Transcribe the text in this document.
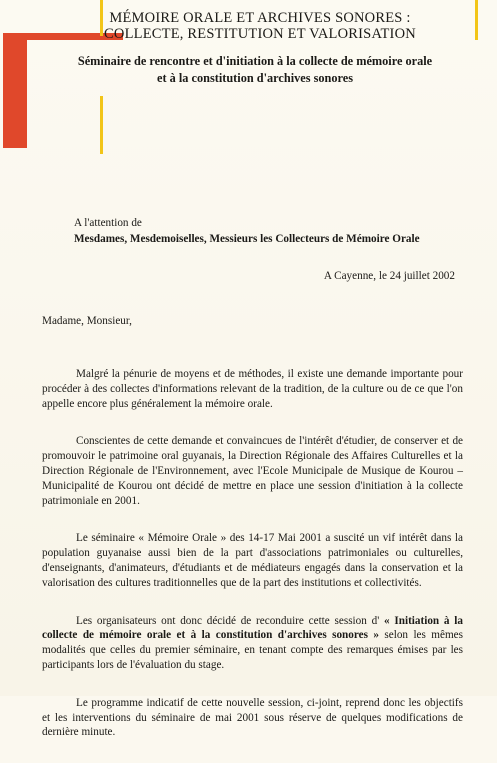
MÉMOIRE ORALE ET ARCHIVES SONORES :
COLLECTE, RESTITUTION ET VALORISATION
Séminaire de rencontre et d'initiation à la collecte de mémoire orale
et à la constitution d'archives sonores
A l'attention de
Mesdames, Mesdemoiselles, Messieurs les Collecteurs de Mémoire Orale
A Cayenne, le 24 juillet 2002
Madame, Monsieur,

Malgré la pénurie de moyens et de méthodes, il existe une demande importante pour procéder à des collectes d'informations relevant de la tradition, de la culture ou de ce que l'on appelle encore plus généralement la mémoire orale.

Conscientes de cette demande et convaincues de l'intérêt d'étudier, de conserver et de promouvoir le patrimoine oral guyanais, la Direction Régionale des Affaires Culturelles et la Direction Régionale de l'Environnement, avec l'Ecole Municipale de Musique de Kourou – Municipalité de Kourou ont décidé de mettre en place une session d'initiation à la collecte patrimoniale en 2001.

Le séminaire « Mémoire Orale » des 14-17 Mai 2001 a suscité un vif intérêt dans la population guyanaise aussi bien de la part d'associations patrimoniales ou culturelles, d'enseignants, d'animateurs, d'étudiants et de médiateurs engagés dans la conservation et la valorisation des cultures traditionnelles que de la part des institutions et collectivités.

Les organisateurs ont donc décidé de reconduire cette session d' « Initiation à la collecte de mémoire orale et à la constitution d'archives sonores » selon les mêmes modalités que celles du premier séminaire, en tenant compte des remarques émises par les participants lors de l'évaluation du stage.

Le programme indicatif de cette nouvelle session, ci-joint, reprend donc les objectifs et les interventions du séminaire de mai 2001 sous réserve de quelques modifications de dernière minute.
